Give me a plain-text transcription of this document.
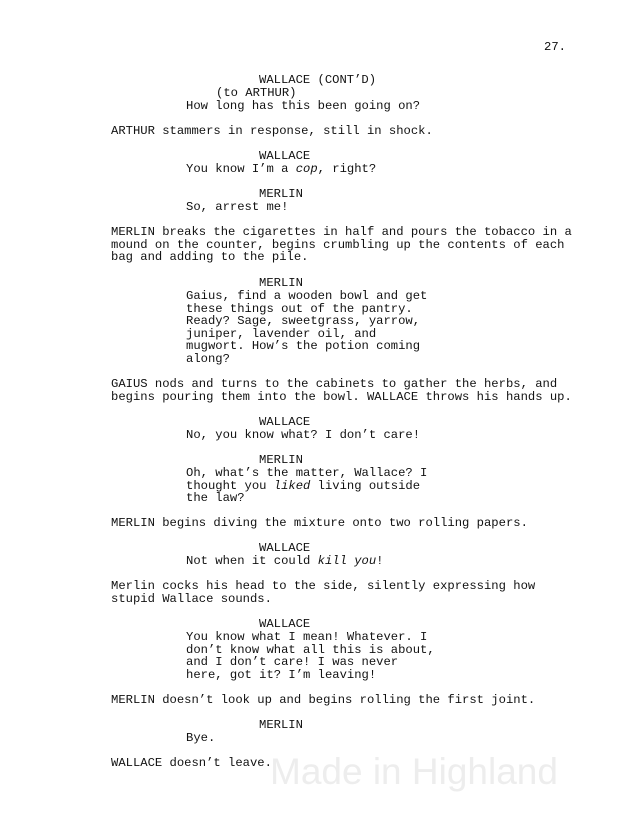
27.
WALLACE (CONT’D)
(to ARTHUR)
How long has this been going on?
ARTHUR stammers in response, still in shock.
WALLACE
You know I’m a cop, right?
MERLIN
So, arrest me!
MERLIN breaks the cigarettes in half and pours the tobacco in a
mound on the counter, begins crumbling up the contents of each
bag and adding to the pile.
MERLIN
Gaius, find a wooden bowl and get
these things out of the pantry.
Ready? Sage, sweetgrass, yarrow,
juniper, lavender oil, and
mugwort. How’s the potion coming
along?
GAIUS nods and turns to the cabinets to gather the herbs, and
begins pouring them into the bowl. WALLACE throws his hands up.
WALLACE
No, you know what? I don’t care!
MERLIN
Oh, what’s the matter, Wallace? I
thought you liked living outside
the law?
MERLIN begins diving the mixture onto two rolling papers.
WALLACE
Not when it could kill you!
Merlin cocks his head to the side, silently expressing how
stupid Wallace sounds.
WALLACE
You know what I mean! Whatever. I
don’t know what all this is about,
and I don’t care! I was never
here, got it? I’m leaving!
MERLIN doesn’t look up and begins rolling the first joint.
MERLIN
Bye.
Made in Highland
WALLACE doesn’t leave.
